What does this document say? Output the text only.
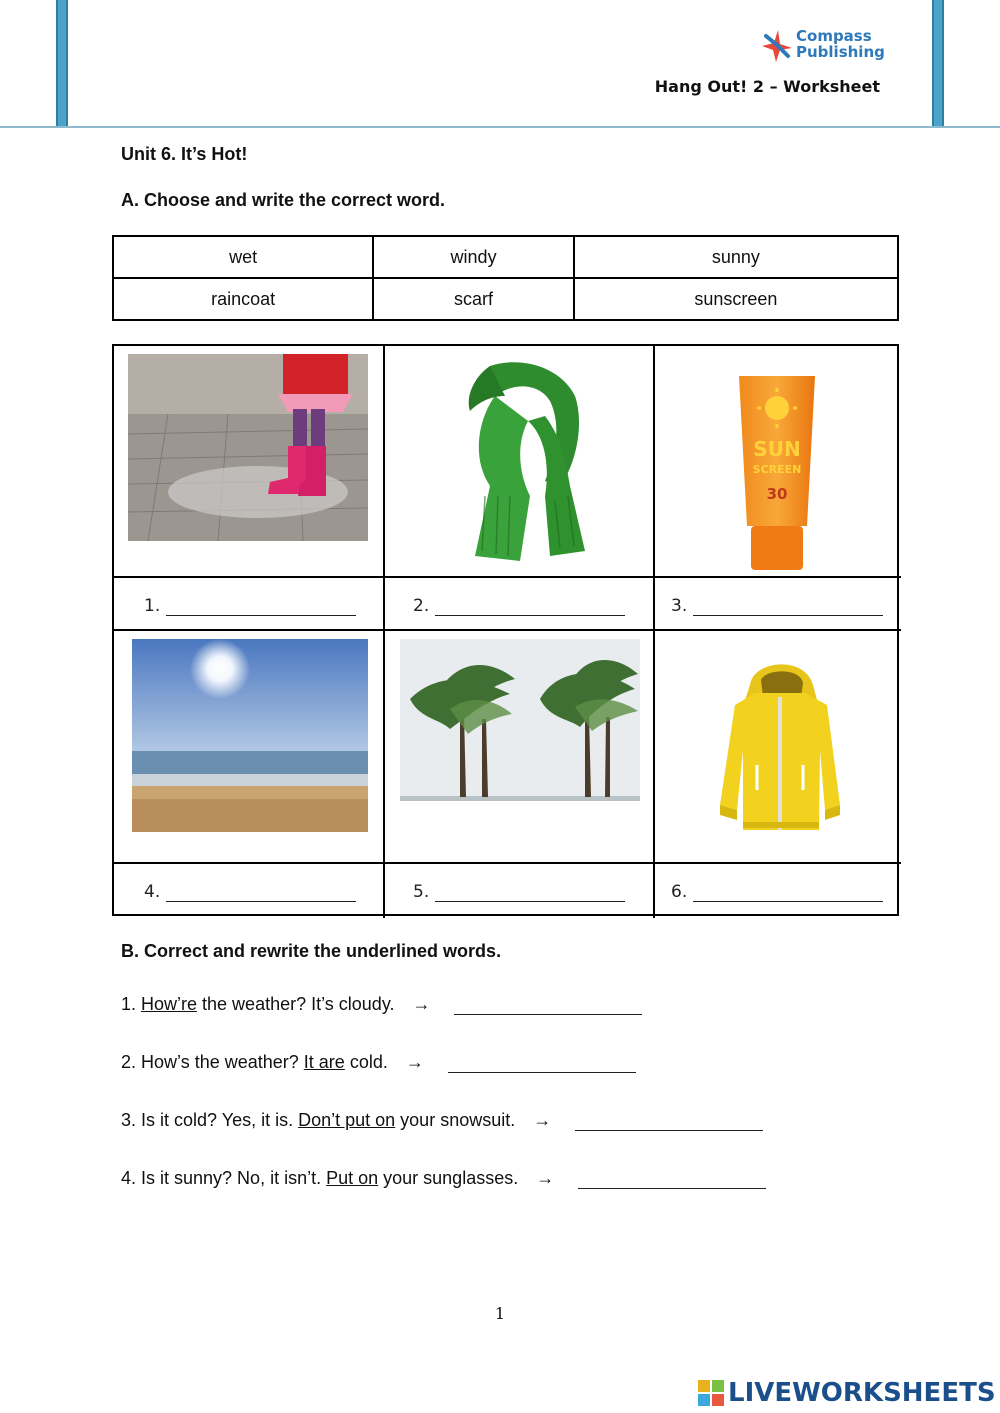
Compass
Publishing
Hang Out! 2 – Worksheet
Unit 6. It’s Hot!
A. Choose and write the correct word.
wet	windy	sunny
raincoat	scarf	sunscreen
SUN
SCREEN
30
1.	2.	3.
4.	5.	6.
B. Correct and rewrite the underlined words.
1. How’re the weather? It’s cloudy. →
2. How’s the weather? It are cold. →
3. Is it cold? Yes, it is. Don’t put on your snowsuit. →
4. Is it sunny? No, it isn’t. Put on your sunglasses. →
1
LIVEWORKSHEETS
